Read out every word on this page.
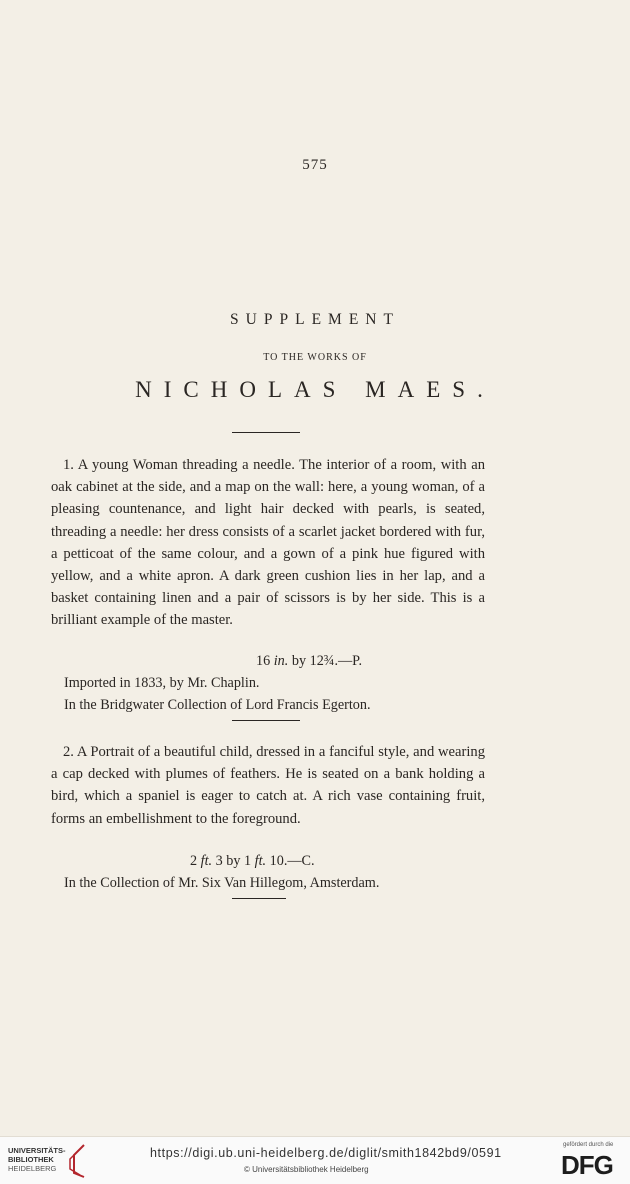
575
SUPPLEMENT
TO THE WORKS OF
NICHOLAS MAES.

1. A young Woman threading a needle. The interior of a room, with an oak cabinet at the side, and a map on the wall: here, a young woman, of a pleasing countenance, and light hair decked with pearls, is seated, threading a needle: her dress consists of a scarlet jacket bordered with fur, a petticoat of the same colour, and a gown of a pink hue figured with yellow, and a white apron. A dark green cushion lies in her lap, and a basket containing linen and a pair of scissors is by her side. This is a brilliant example of the master.

16 in. by 12¾.—P.
Imported in 1833, by Mr. Chaplin.
In the Bridgwater Collection of Lord Francis Egerton.

2. A Portrait of a beautiful child, dressed in a fanciful style, and wearing a cap decked with plumes of feathers. He is seated on a bank holding a bird, which a spaniel is eager to catch at. A rich vase containing fruit, forms an embellishment to the foreground.

2 ft. 3 by 1 ft. 10.—C.
In the Collection of Mr. Six Van Hillegom, Amsterdam.
UNIVERSITÄTS-
BIBLIOTHEK
HEIDELBERG
https://digi.ub.uni-heidelberg.de/diglit/smith1842bd9/0591
© Universitätsbibliothek Heidelberg
gefördert durch die
DFG
